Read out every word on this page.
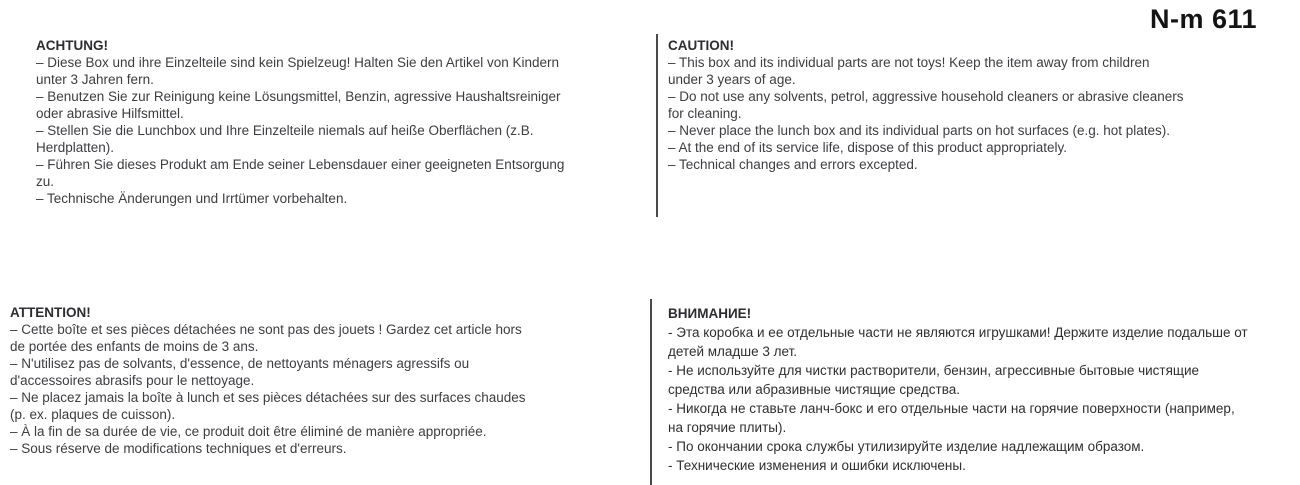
N-m 611
ACHTUNG!
– Diese Box und ihre Einzelteile sind kein Spielzeug! Halten Sie den Artikel von Kindern
unter 3 Jahren fern.
– Benutzen Sie zur Reinigung keine Lösungsmittel, Benzin, agressive Haushaltsreiniger
oder abrasive Hilfsmittel.
– Stellen Sie die Lunchbox und Ihre Einzelteile niemals auf heiße Oberflächen (z.B.
Herdplatten).
– Führen Sie dieses Produkt am Ende seiner Lebensdauer einer geeigneten Entsorgung
zu.
– Technische Änderungen und Irrtümer vorbehalten.
CAUTION!
– This box and its individual parts are not toys! Keep the item away from children
under 3 years of age.
– Do not use any solvents, petrol, aggressive household cleaners or abrasive cleaners
for cleaning.
– Never place the lunch box and its individual parts on hot surfaces (e.g. hot plates).
– At the end of its service life, dispose of this product appropriately.
– Technical changes and errors excepted.
ATTENTION!
– Cette boîte et ses pièces détachées ne sont pas des jouets ! Gardez cet article hors
de portée des enfants de moins de 3 ans.
– N'utilisez pas de solvants, d'essence, de nettoyants ménagers agressifs ou
d'accessoires abrasifs pour le nettoyage.
– Ne placez jamais la boîte à lunch et ses pièces détachées sur des surfaces chaudes
(p. ex. plaques de cuisson).
– À la fin de sa durée de vie, ce produit doit être éliminé de manière appropriée.
– Sous réserve de modifications techniques et d'erreurs.
ВНИМАНИЕ!
- Эта коробка и ее отдельные части не являются игрушками! Держите изделие подальше от
детей младше 3 лет.
- Не используйте для чистки растворители, бензин, агрессивные бытовые чистящие
средства или абразивные чистящие средства.
- Никогда не ставьте ланч-бокс и его отдельные части на горячие поверхности (например,
на горячие плиты).
- По окончании срока службы утилизируйте изделие надлежащим образом.
- Технические изменения и ошибки исключены.
